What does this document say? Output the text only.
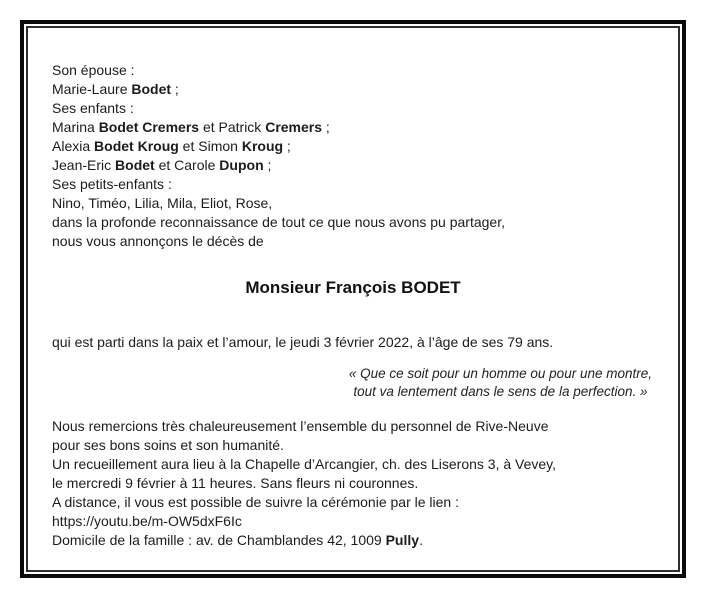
Son épouse :
Marie-Laure Bodet ;
Ses enfants :
Marina Bodet Cremers et Patrick Cremers ;
Alexia Bodet Kroug et Simon Kroug ;
Jean-Eric Bodet et Carole Dupon ;
Ses petits-enfants :
Nino, Timéo, Lilia, Mila, Eliot, Rose,
dans la profonde reconnaissance de tout ce que nous avons pu partager,
nous vous annonçons le décès de
Monsieur François BODET
qui est parti dans la paix et l’amour, le jeudi 3 février 2022, à l’âge de ses 79 ans.
« Que ce soit pour un homme ou pour une montre,
tout va lentement dans le sens de la perfection. »
Nous remercions très chaleureusement l’ensemble du personnel de Rive-Neuve
pour ses bons soins et son humanité.
Un recueillement aura lieu à la Chapelle d’Arcangier, ch. des Liserons 3, à Vevey,
le mercredi 9 février à 11 heures. Sans fleurs ni couronnes.
A distance, il vous est possible de suivre la cérémonie par le lien :
https://youtu.be/m-OW5dxF6Ic
Domicile de la famille : av. de Chamblandes 42, 1009 Pully.
